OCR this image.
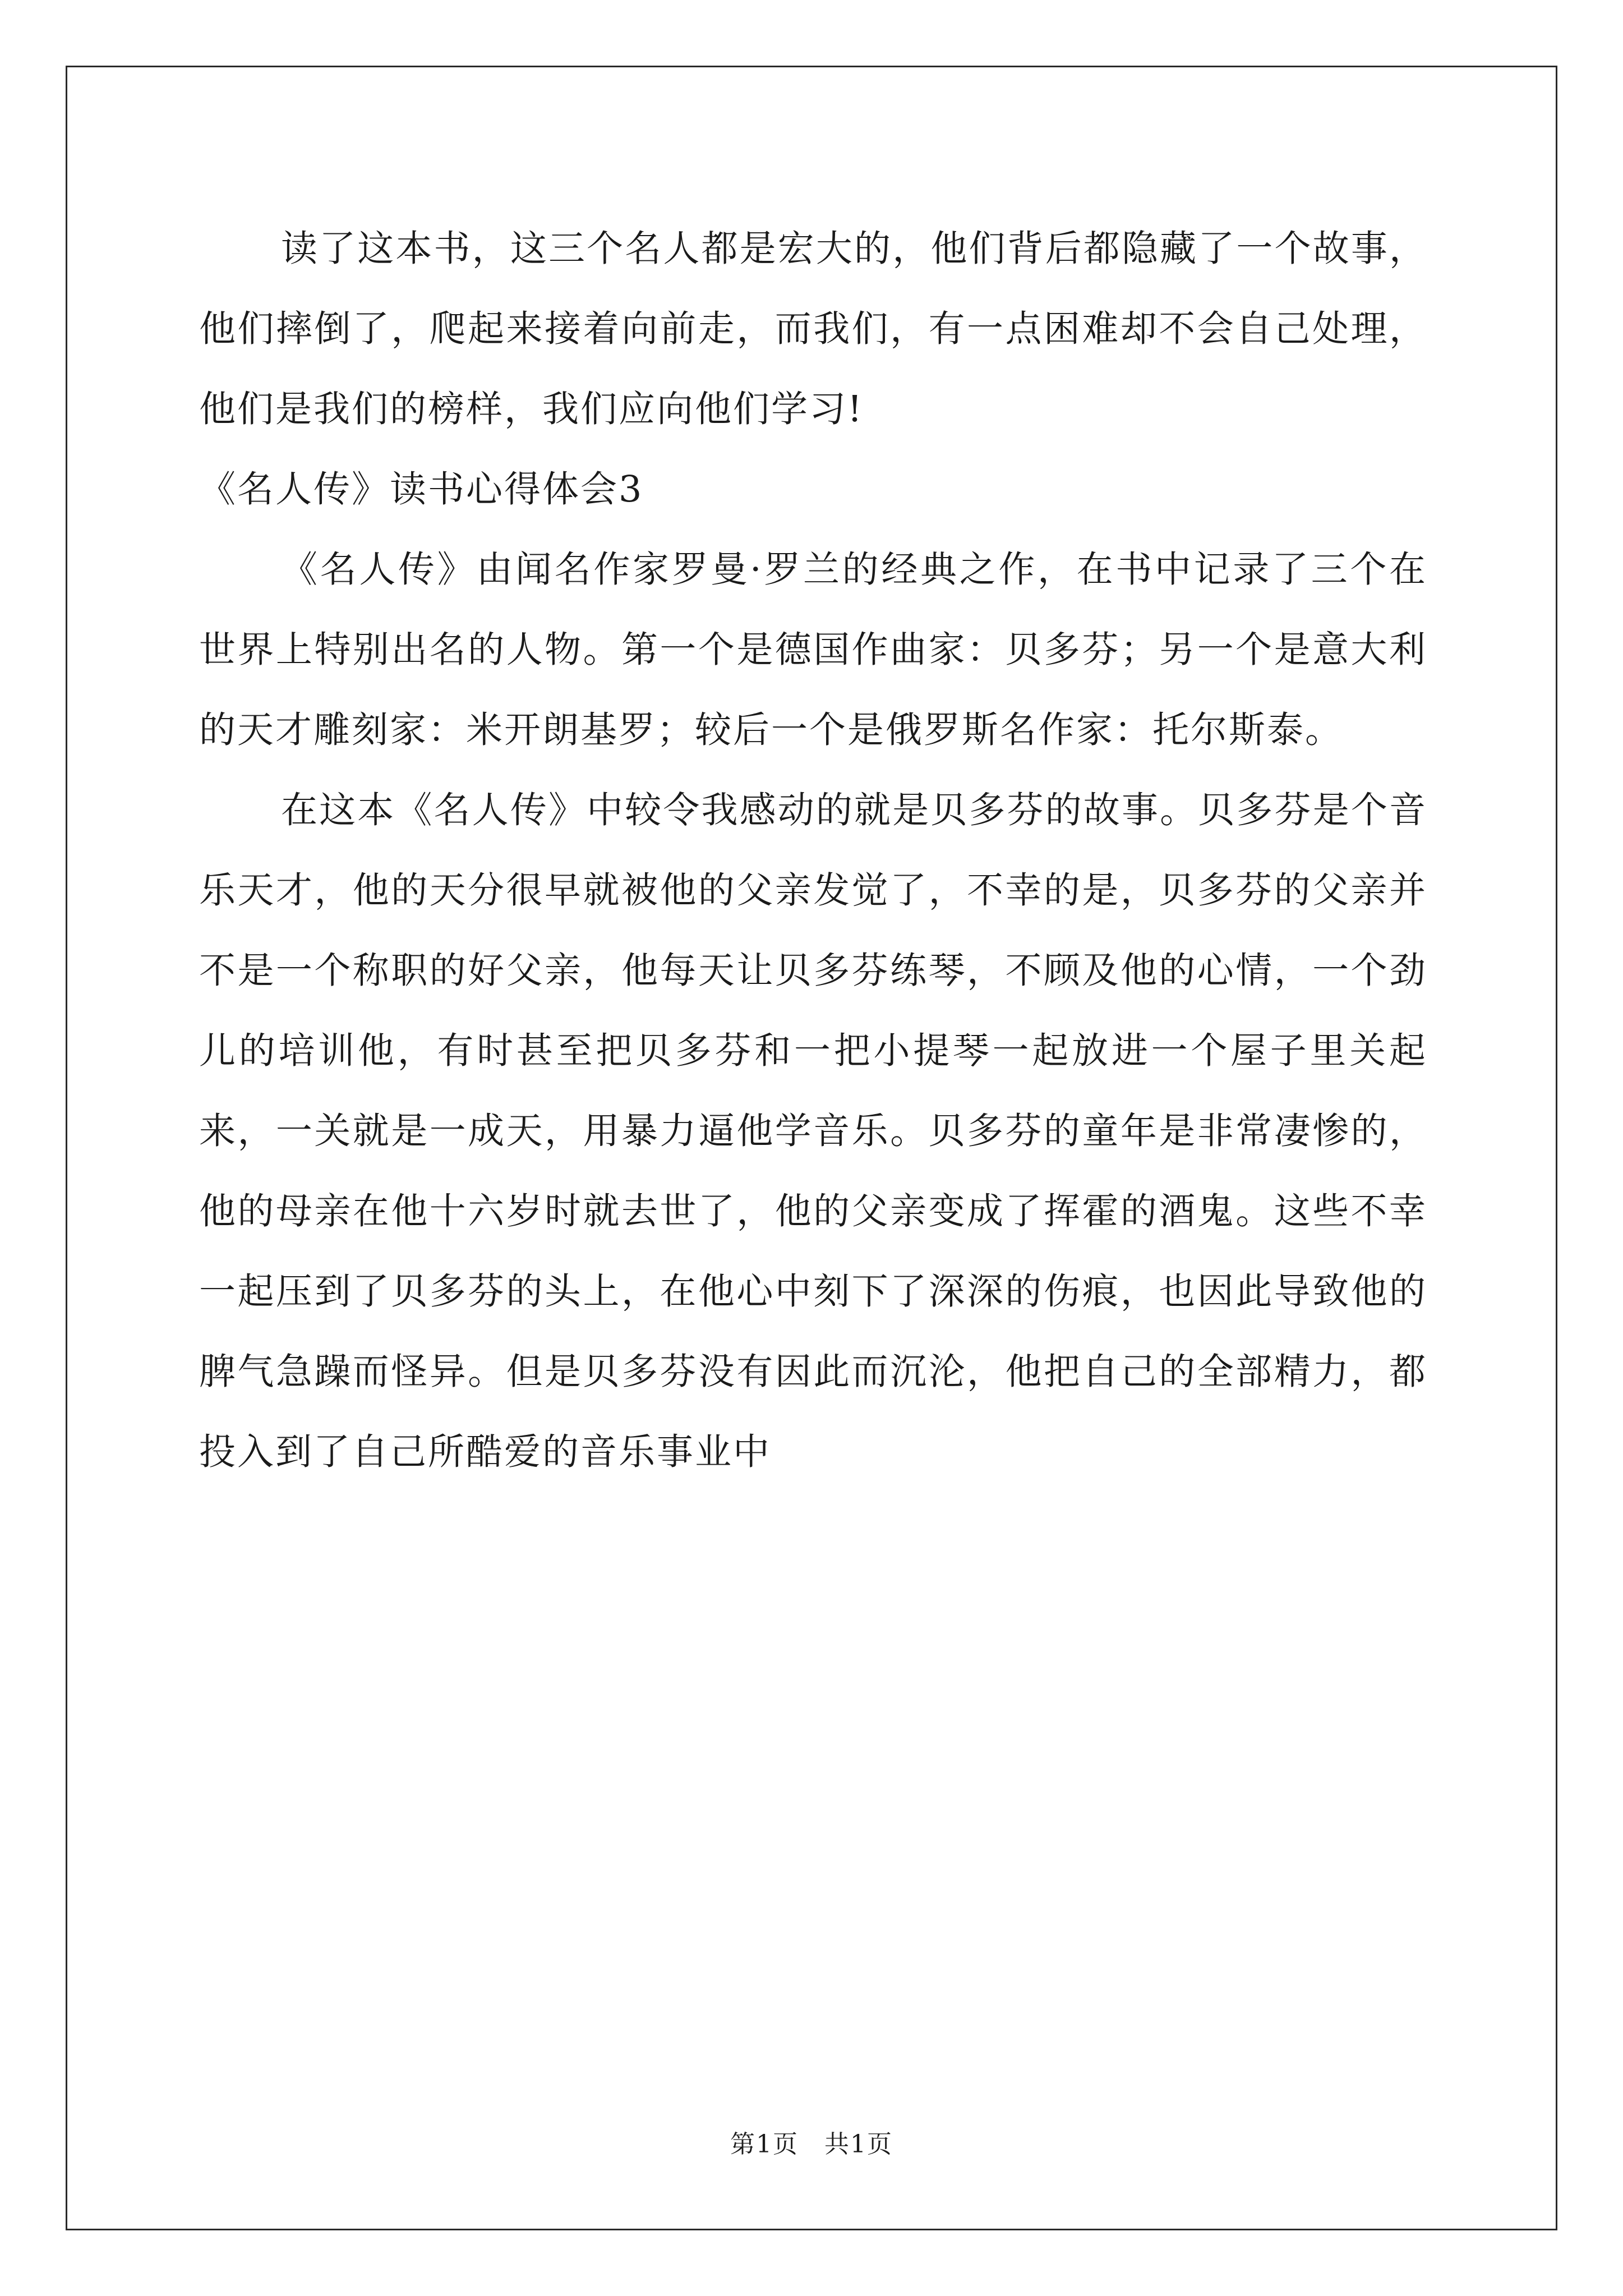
读了这本书，这三个名人都是宏大的，他们背后都隐藏了一个故事，他们摔倒了，爬起来接着向前走，而我们，有一点困难却不会自己处理，他们是我们的榜样，我们应向他们学习!

《名人传》读书心得体会3

《名人传》由闻名作家罗曼·罗兰的经典之作，在书中记录了三个在世界上特别出名的人物。第一个是德国作曲家：贝多芬；另一个是意大利的天才雕刻家：米开朗基罗；较后一个是俄罗斯名作家：托尔斯泰。

在这本《名人传》中较令我感动的就是贝多芬的故事。贝多芬是个音乐天才，他的天分很早就被他的父亲发觉了，不幸的是，贝多芬的父亲并不是一个称职的好父亲，他每天让贝多芬练琴，不顾及他的心情，一个劲儿的培训他，有时甚至把贝多芬和一把小提琴一起放进一个屋子里关起来，一关就是一成天，用暴力逼他学音乐。贝多芬的童年是非常凄惨的，他的母亲在他十六岁时就去世了，他的父亲变成了挥霍的酒鬼。这些不幸一起压到了贝多芬的头上，在他心中刻下了深深的伤痕，也因此导致他的脾气急躁而怪异。但是贝多芬没有因此而沉沦，他把自己的全部精力，都投入到了自己所酷爱的音乐事业中

第1页　共1页
